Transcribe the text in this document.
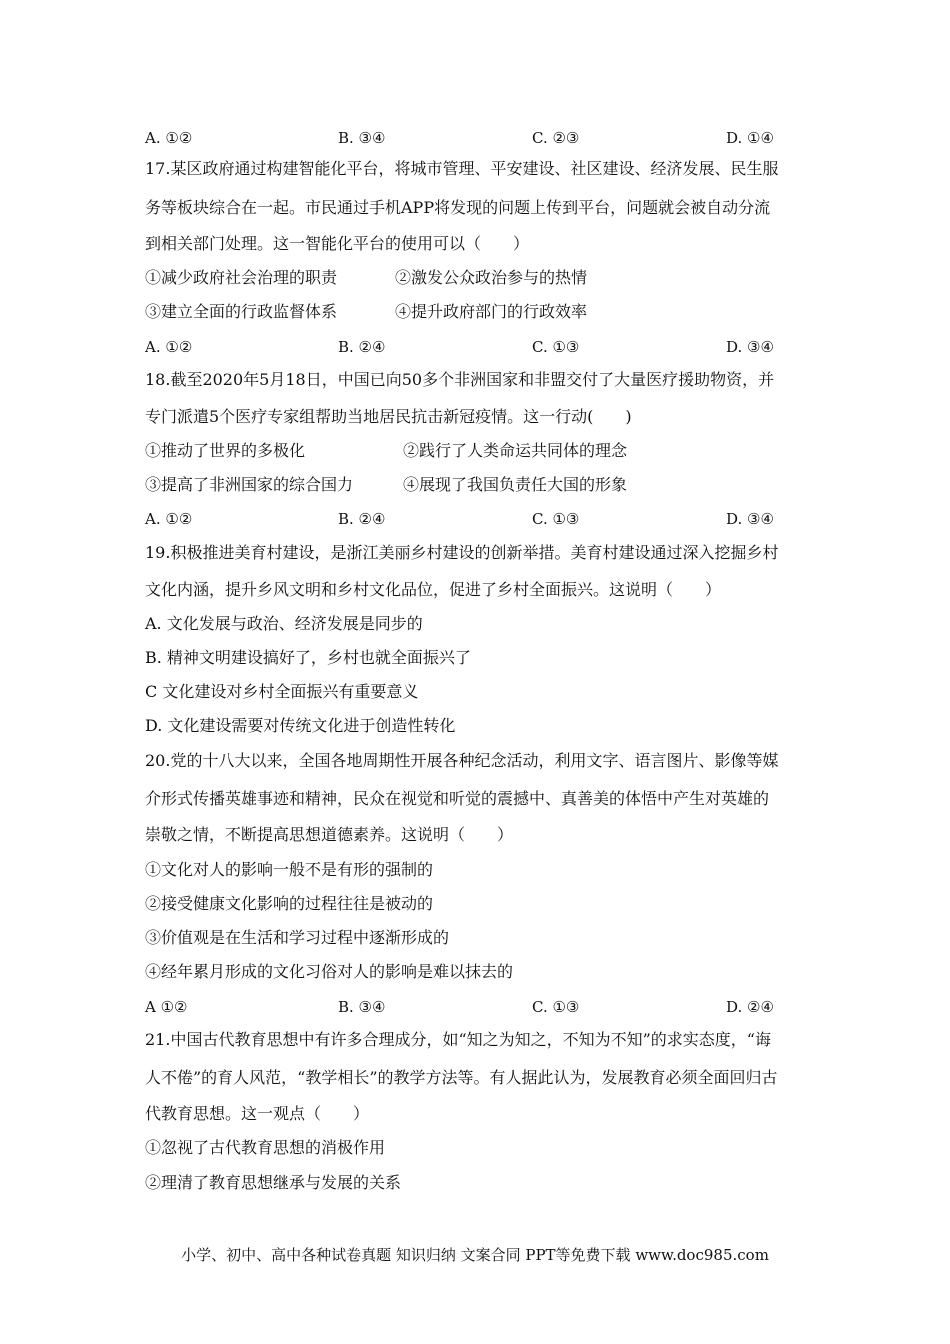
A. ①②	B. ③④	C. ②③	D. ①④
17.某区政府通过构建智能化平台，将城市管理、平安建设、社区建设、经济发展、民生服
务等板块综合在一起。市民通过手机APP将发现的问题上传到平台，问题就会被自动分流
到相关部门处理。这一智能化平台的使用可以（　　）
①减少政府社会治理的职责	②激发公众政治参与的热情
③建立全面的行政监督体系	④提升政府部门的行政效率
A. ①②	B. ②④	C. ①③	D. ③④
18.截至2020年5月18日，中国已向50多个非洲国家和非盟交付了大量医疗援助物资，并
专门派遣5个医疗专家组帮助当地居民抗击新冠疫情。这一行动(　　)
①推动了世界的多极化	②践行了人类命运共同体的理念
③提高了非洲国家的综合国力	④展现了我国负责任大国的形象
A. ①②	B. ②④	C. ①③	D. ③④
19.积极推进美育村建设，是浙江美丽乡村建设的创新举措。美育村建设通过深入挖掘乡村
文化内涵，提升乡风文明和乡村文化品位，促进了乡村全面振兴。这说明（　　）
A. 文化发展与政治、经济发展是同步的
B. 精神文明建设搞好了，乡村也就全面振兴了
C 文化建设对乡村全面振兴有重要意义
D. 文化建设需要对传统文化进于创造性转化
20.党的十八大以来，全国各地周期性开展各种纪念活动，利用文字、语言图片、影像等媒
介形式传播英雄事迹和精神，民众在视觉和听觉的震撼中、真善美的体悟中产生对英雄的
崇敬之情，不断提高思想道德素养。这说明（　　）
①文化对人的影响一般不是有形的强制的
②接受健康文化影响的过程往往是被动的
③价值观是在生活和学习过程中逐渐形成的
④经年累月形成的文化习俗对人的影响是难以抹去的
A ①②	B. ③④	C. ①③	D. ②④
21.中国古代教育思想中有许多合理成分，如“知之为知之，不知为不知”的求实态度，“诲
人不倦”的育人风范，“教学相长”的教学方法等。有人据此认为，发展教育必须全面回归古
代教育思想。这一观点（　　）
①忽视了古代教育思想的消极作用
②理清了教育思想继承与发展的关系
小学、初中、高中各种试卷真题 知识归纳 文案合同 PPT等免费下载 www.doc985.com
